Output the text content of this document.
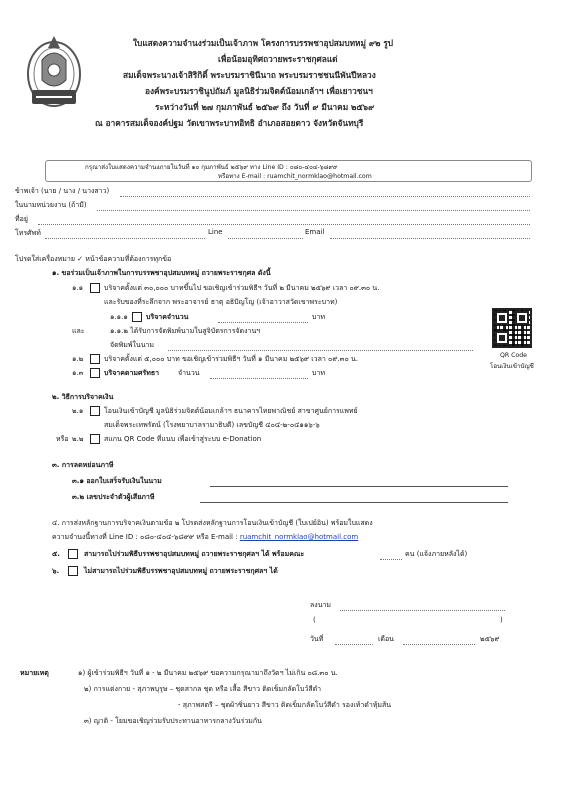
ใบแสดงความจำนงร่วมเป็นเจ้าภาพ โครงการบรรพชาอุปสมบทหมู่ ๙๒ รูป
เพื่อน้อมอุทิศถวายพระราชกุศลแด่
สมเด็จพระนางเจ้าสิริกิติ์ พระบรมราชินีนาถ พระบรมราชชนนีพันปีหลวง
องค์พระบรมราชินูปถัมภ์ มูลนิธิร่วมจิตต์น้อมเกล้าฯ เพื่อเยาวชนฯ
ระหว่างวันที่ ๒๗ กุมภาพันธ์ ๒๕๖๙ ถึง วันที่ ๙ มีนาคม ๒๕๖๙
ณ อาคารสมเด็จองค์ปฐม วัดเขาพระบาทอิทธิ อำเภอสอยดาว จังหวัดจันทบุรี
กรุณาส่งใบแสดงความจำนงภายในวันที่ ๑๐ กุมภาพันธ์ ๒๕๖๙ ทาง Line ID : ๐๘๐-๔๐๔-๖๘๙๙
หรือทาง E-mail : ruamchit_normklao@hotmail.com
ข้าพเจ้า (นาย / นาง / นางสาว)
ในนามหน่วยงาน (ถ้ามี)
ที่อยู่
โทรศัพท์	Line	Email
โปรดใส่เครื่องหมาย ✓ หน้าข้อความที่ต้องการทุกข้อ
๑. ขอร่วมเป็นเจ้าภาพในการบรรพชาอุปสมบทหมู่ ถวายพระราชกุศล ดังนี้
๑.๑	บริจาคตั้งแต่ ๓๐,๐๐๐ บาทขึ้นไป ขอเชิญเข้าร่วมพิธีฯ วันที่ ๒ มีนาคม ๒๕๖๙ เวลา ๐๙.๓๐ น.
และรับของที่ระลึกจาก พระอาจารย์ ธาตุ อธิปัญโญ (เจ้าอาวาสวัดเขาพระบาท)
๑.๑.๑	บริจาคจำนวน	บาท
และ	๑.๑.๒ ได้รับการจัดพิมพ์นามในสูจิบัตรการจัดงานฯ
จัดพิมพ์ในนาม
๑.๒	บริจาคตั้งแต่ ๕,๐๐๐ บาท ขอเชิญเข้าร่วมพิธีฯ วันที่ ๑ มีนาคม ๒๕๖๙ เวลา ๐๙.๓๐ น.
๑.๓	บริจาคตามศรัทธา	จำนวน	บาท
QR Code
โอนเงินเข้าบัญชี
๒. วิธีการบริจาคเงิน
๒.๑	โอนเงินเข้าบัญชี มูลนิธิร่วมจิตต์น้อมเกล้าฯ ธนาคารไทยพาณิชย์ สาขาศูนย์การแพทย์
สมเด็จพระเทพรัตน์ (โรงพยาบาลรามาธิบดี) เลขบัญชี ๔๐๔-๒-๐๔๑๑๖-๖
หรือ ๒.๒	สแกน QR Code ที่แนบ เพื่อเข้าสู่ระบบ e-Donation
๓. การลดหย่อนภาษี
๓.๑ ออกใบเสร็จรับเงินในนาม
๓.๒ เลขประจำตัวผู้เสียภาษี
๔. การส่งหลักฐานการบริจาคเงินตามข้อ ๒ โปรดส่งหลักฐานการโอนเงินเข้าบัญชี (ใบเปย์อิน) พร้อมใบแสดง
ความจำนงนี้ทางที่ Line ID : ๐๘๐-๔๐๔-๖๘๙๙ หรือ E-mail : ruamchit_normklao@hotmail.com
๕.	สามารถไปร่วมพิธีบรรพชาอุปสมบทหมู่ ถวายพระราชกุศลฯ ได้ พร้อมคณะ	คน (แจ้งภายหลังได้)
๖.	ไม่สามารถไปร่วมพิธีบรรพชาอุปสมบทหมู่ ถวายพระราชกุศลฯ ได้
ลงนาม
(	)
วันที่	เดือน	๒๕๖๙
หมายเหตุ	๑) ผู้เข้าร่วมพิธีฯ วันที่ ๑ - ๒ มีนาคม ๒๕๖๙ ขอความกรุณามาถึงวัดฯ ไม่เกิน ๐๘.๓๐ น.
๒) การแต่งกาย - สุภาพบุรุษ – ชุดสากล ชุด หรือ เสื้อ สีขาว ติดเข็มกลัดโบว์สีดำ
- สุภาพสตรี – ชุดผ้าซิ่นยาว สีขาว ติดเข็มกลัดโบว์สีดำ รองเท้าดำหุ้มส้น
๓) ญาติ - โยมขอเชิญร่วมรับประทานอาหารกลางวันร่วมกัน
